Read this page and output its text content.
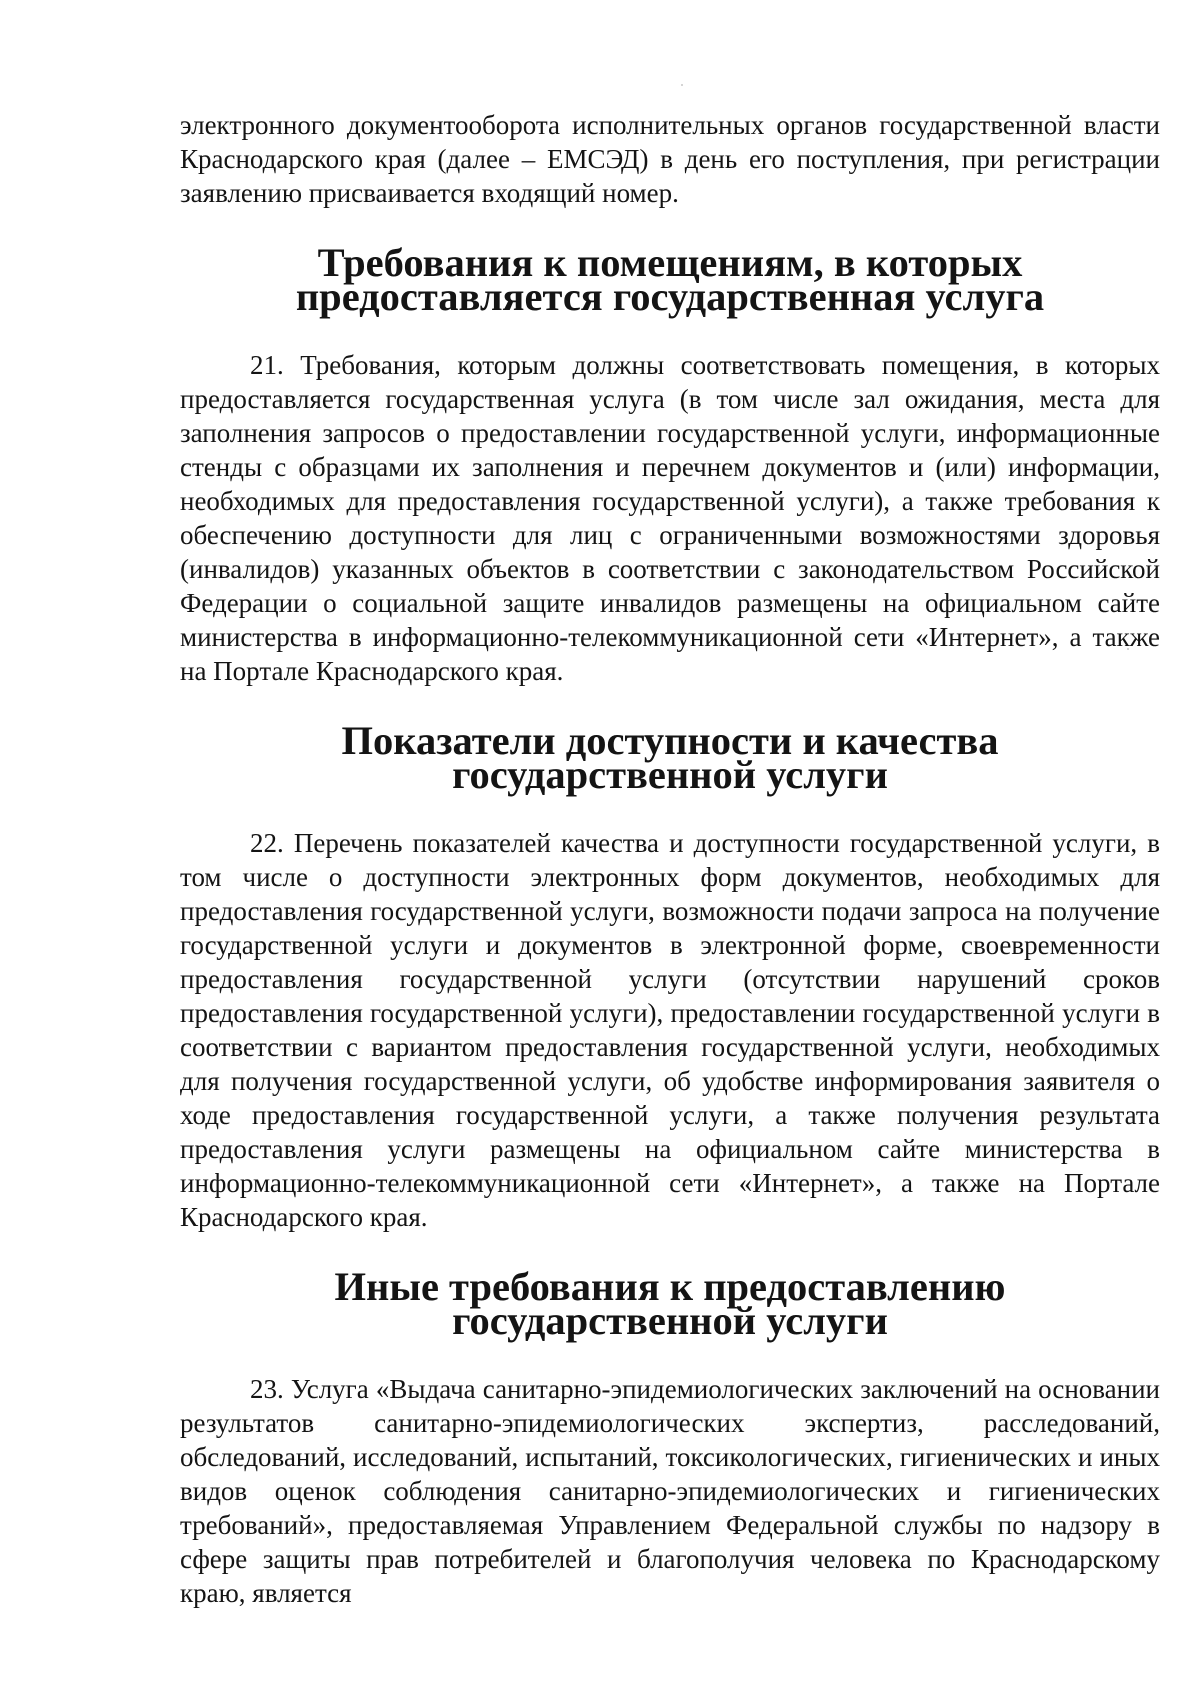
электронного документооборота исполнительных органов государственной власти Краснодарского края (далее – ЕМСЭД) в день его поступления, при регистрации заявлению присваивается входящий номер.

Требования к помещениям, в которых
предоставляется государственная услуга

21. Требования, которым должны соответствовать помещения, в которых предоставляется государственная услуга (в том числе зал ожидания, места для заполнения запросов о предоставлении государственной услуги, информационные стенды с образцами их заполнения и перечнем документов и (или) информации, необходимых для предоставления государственной услуги), а также требования к обеспечению доступности для лиц с ограниченными возможностями здоровья (инвалидов) указанных объектов в соответствии с законодательством Российской Федерации о социальной защите инвалидов размещены на официальном сайте министерства в информационно-телекоммуникационной сети «Интернет», а также на Портале Краснодарского края.

Показатели доступности и качества
государственной услуги

22. Перечень показателей качества и доступности государственной услуги, в том числе о доступности электронных форм документов, необходимых для предоставления государственной услуги, возможности подачи запроса на получение государственной услуги и документов в электронной форме, своевременности предоставления государственной услуги (отсутствии нарушений сроков предоставления государственной услуги), предоставлении государственной услуги в соответствии с вариантом предоставления государственной услуги, необходимых для получения государственной услуги, об удобстве информирования заявителя о ходе предоставления государственной услуги, а также получения результата предоставления услуги размещены на официальном сайте министерства в информационно-телекоммуникационной сети «Интернет», а также на Портале Краснодарского края.

Иные требования к предоставлению
государственной услуги

23. Услуга «Выдача санитарно-эпидемиологических заключений на основании результатов санитарно-эпидемиологических экспертиз, расследований, обследований, исследований, испытаний, токсикологических, гигиенических и иных видов оценок соблюдения санитарно-эпидемиологических и гигиенических требований», предоставляемая Управлением Федеральной службы по надзору в сфере защиты прав потребителей и благополучия человека по Краснодарскому краю, является
